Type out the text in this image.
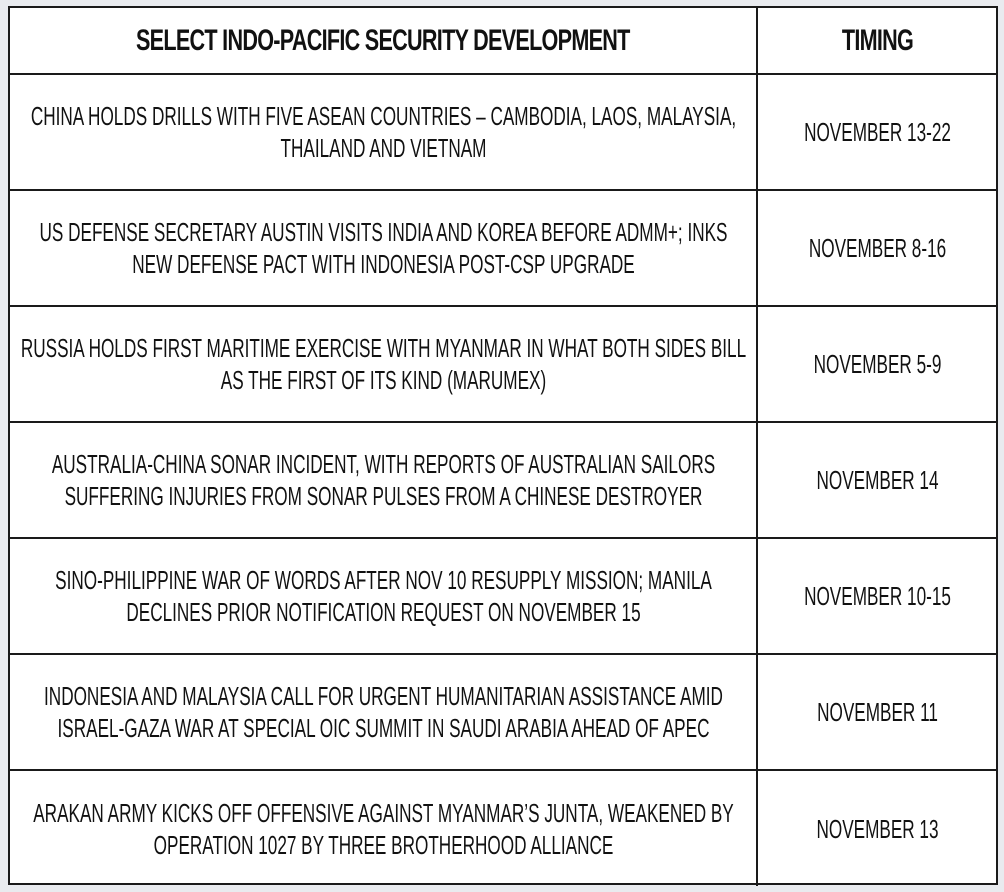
SELECT INDO-PACIFIC SECURITY DEVELOPMENT	TIMING
CHINA HOLDS DRILLS WITH FIVE ASEAN COUNTRIES – CAMBODIA, LAOS, MALAYSIA, THAILAND AND VIETNAM	NOVEMBER 13-22
US DEFENSE SECRETARY AUSTIN VISITS INDIA AND KOREA BEFORE ADMM+; INKS NEW DEFENSE PACT WITH INDONESIA POST-CSP UPGRADE	NOVEMBER 8-16
RUSSIA HOLDS FIRST MARITIME EXERCISE WITH MYANMAR IN WHAT BOTH SIDES BILL AS THE FIRST OF ITS KIND (MARUMEX)	NOVEMBER 5-9
AUSTRALIA-CHINA SONAR INCIDENT, WITH REPORTS OF AUSTRALIAN SAILORS SUFFERING INJURIES FROM SONAR PULSES FROM A CHINESE DESTROYER	NOVEMBER 14
SINO-PHILIPPINE WAR OF WORDS AFTER NOV 10 RESUPPLY MISSION; MANILA DECLINES PRIOR NOTIFICATION REQUEST ON NOVEMBER 15	NOVEMBER 10-15
INDONESIA AND MALAYSIA CALL FOR URGENT HUMANITARIAN ASSISTANCE AMID ISRAEL-GAZA WAR AT SPECIAL OIC SUMMIT IN SAUDI ARABIA AHEAD OF APEC	NOVEMBER 11
ARAKAN ARMY KICKS OFF OFFENSIVE AGAINST MYANMAR’S JUNTA, WEAKENED BY OPERATION 1027 BY THREE BROTHERHOOD ALLIANCE	NOVEMBER 13
